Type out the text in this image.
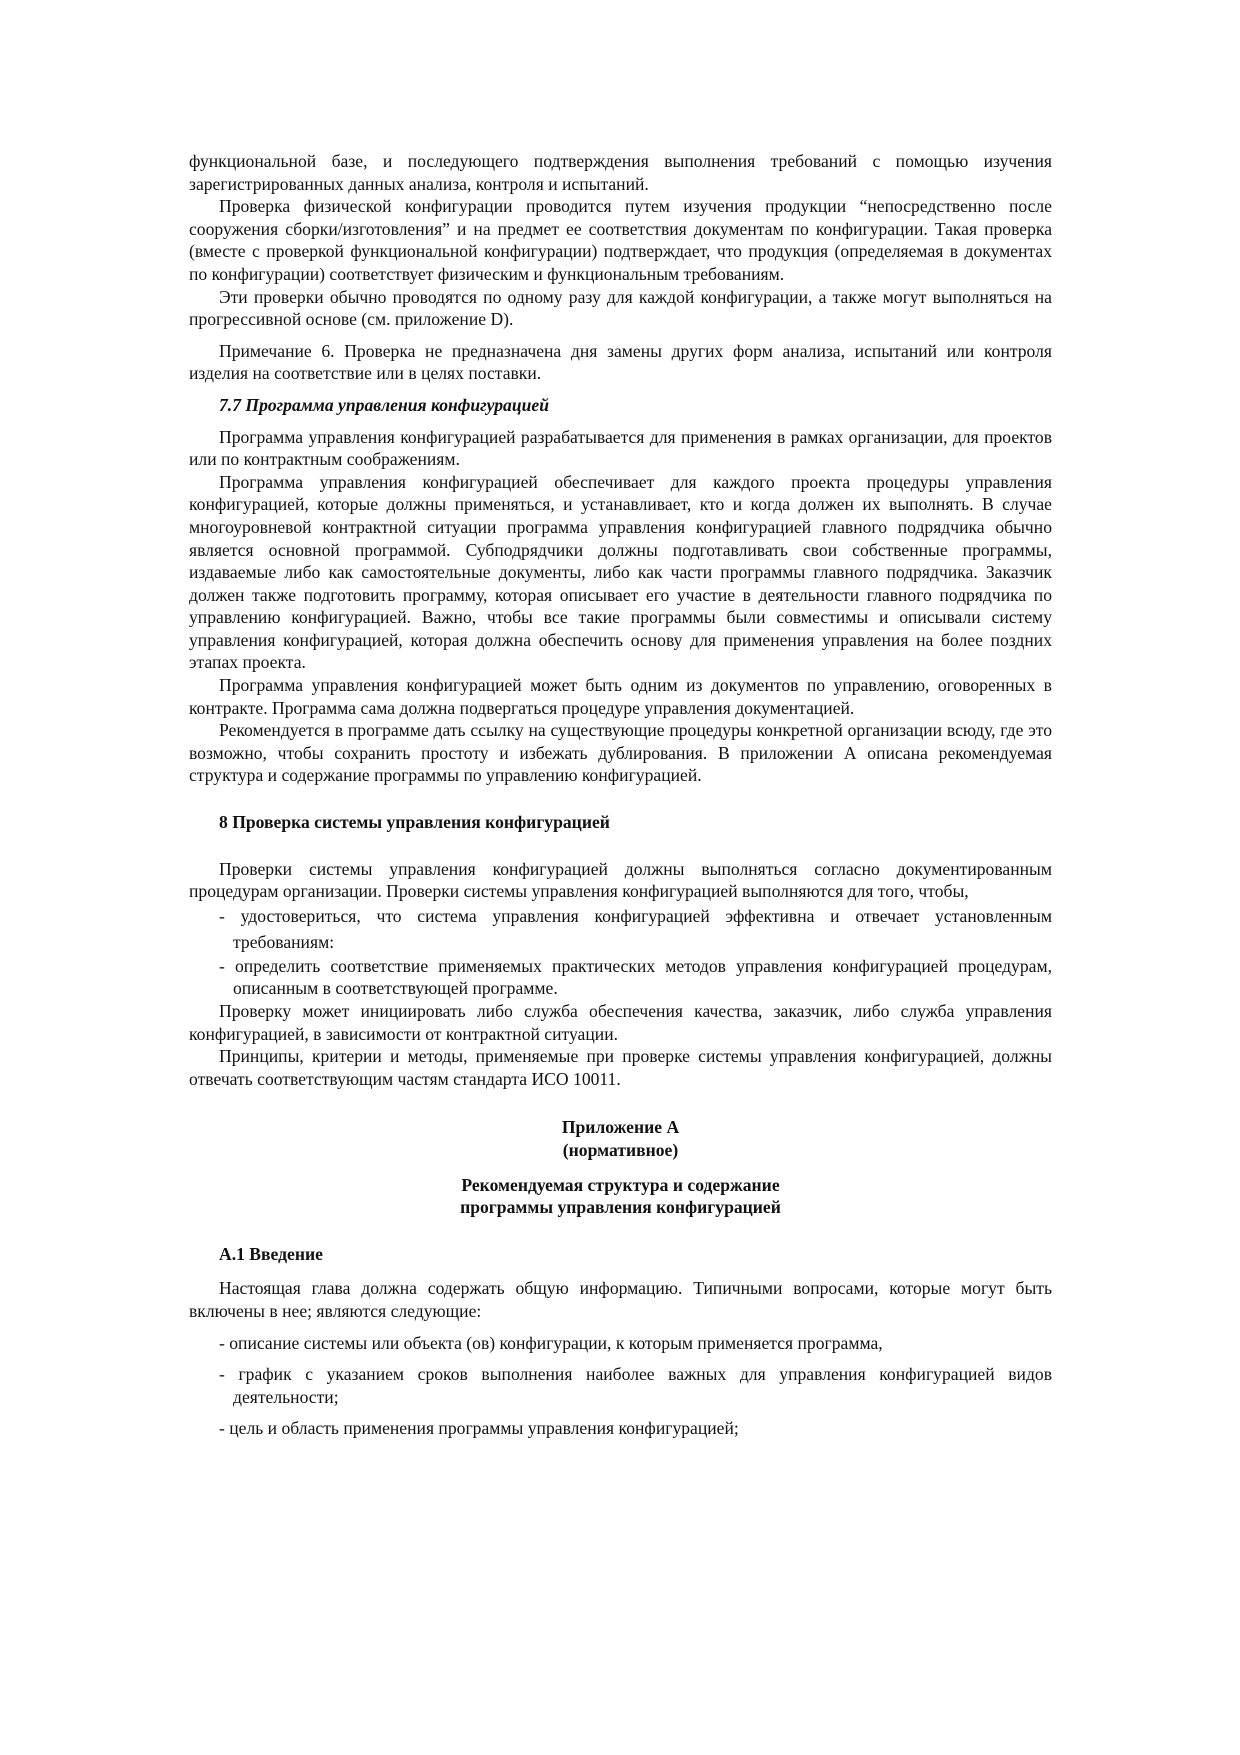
функциональной базе, и последующего подтверждения выполнения требований с помощью изучения зарегистрированных данных анализа, контроля и испытаний.

Проверка физической конфигурации проводится путем изучения продукции “непосредственно после сооружения сборки/изготовления” и на предмет ее соответствия документам по конфигурации. Такая проверка (вместе с проверкой функциональной конфигурации) подтверждает, что продукция (определяемая в документах по конфигурации) соответствует физическим и функциональным требованиям.

Эти проверки обычно проводятся по одному разу для каждой конфигурации, а также могут выполняться на прогрессивной основе (см. приложение D).

Примечание 6. Проверка не предназначена дня замены других форм анализа, испытаний или контроля изделия на соответствие или в целях поставки.

7.7 Программа управления конфигурацией

Программа управления конфигурацией разрабатывается для применения в рамках организации, для проектов или по контрактным соображениям.

Программа управления конфигурацией обеспечивает для каждого проекта процедуры управления конфигурацией, которые должны применяться, и устанавливает, кто и когда должен их выполнять. В случае многоуровневой контрактной ситуации программа управления конфигурацией главного подрядчика обычно является основной программой. Субподрядчики должны подготавливать свои собственные программы, издаваемые либо как самостоятельные документы, либо как части программы главного подрядчика. Заказчик должен также подготовить программу, которая описывает его участие в деятельности главного подрядчика по управлению конфигурацией. Важно, чтобы все такие программы были совместимы и описывали систему управления конфигурацией, которая должна обеспечить основу для применения управления на более поздних этапах проекта.

Программа управления конфигурацией может быть одним из документов по управлению, оговоренных в контракте. Программа сама должна подвергаться процедуре управления документацией.

Рекомендуется в программе дать ссылку на существующие процедуры конкретной организации всюду, где это возможно, чтобы сохранить простоту и избежать дублирования. В приложении А описана рекомендуемая структура и содержание программы по управлению конфигурацией.

8 Проверка системы управления конфигурацией

Проверки системы управления конфигурацией должны выполняться согласно документированным процедурам организации. Проверки системы управления конфигурацией выполняются для того, чтобы,

- удостовериться, что система управления конфигурацией эффективна и отвечает установленным требованиям:

- определить соответствие применяемых практических методов управления конфигурацией процедурам, описанным в соответствующей программе.

Проверку может инициировать либо служба обеспечения качества, заказчик, либо служба управления конфигурацией, в зависимости от контрактной ситуации.

Принципы, критерии и методы, применяемые при проверке системы управления конфигурацией, должны отвечать соответствующим частям стандарта ИСО 10011.

Приложение А

(нормативное)

Рекомендуемая структура и содержание

программы управления конфигурацией

А.1 Введение

Настоящая глава должна содержать общую информацию. Типичными вопросами, которые могут быть включены в нее; являются следующие:

- описание системы или объекта (ов) конфигурации, к которым применяется программа,

- график с указанием сроков выполнения наиболее важных для управления конфигурацией видов деятельности;

- цель и область применения программы управления конфигурацией;
